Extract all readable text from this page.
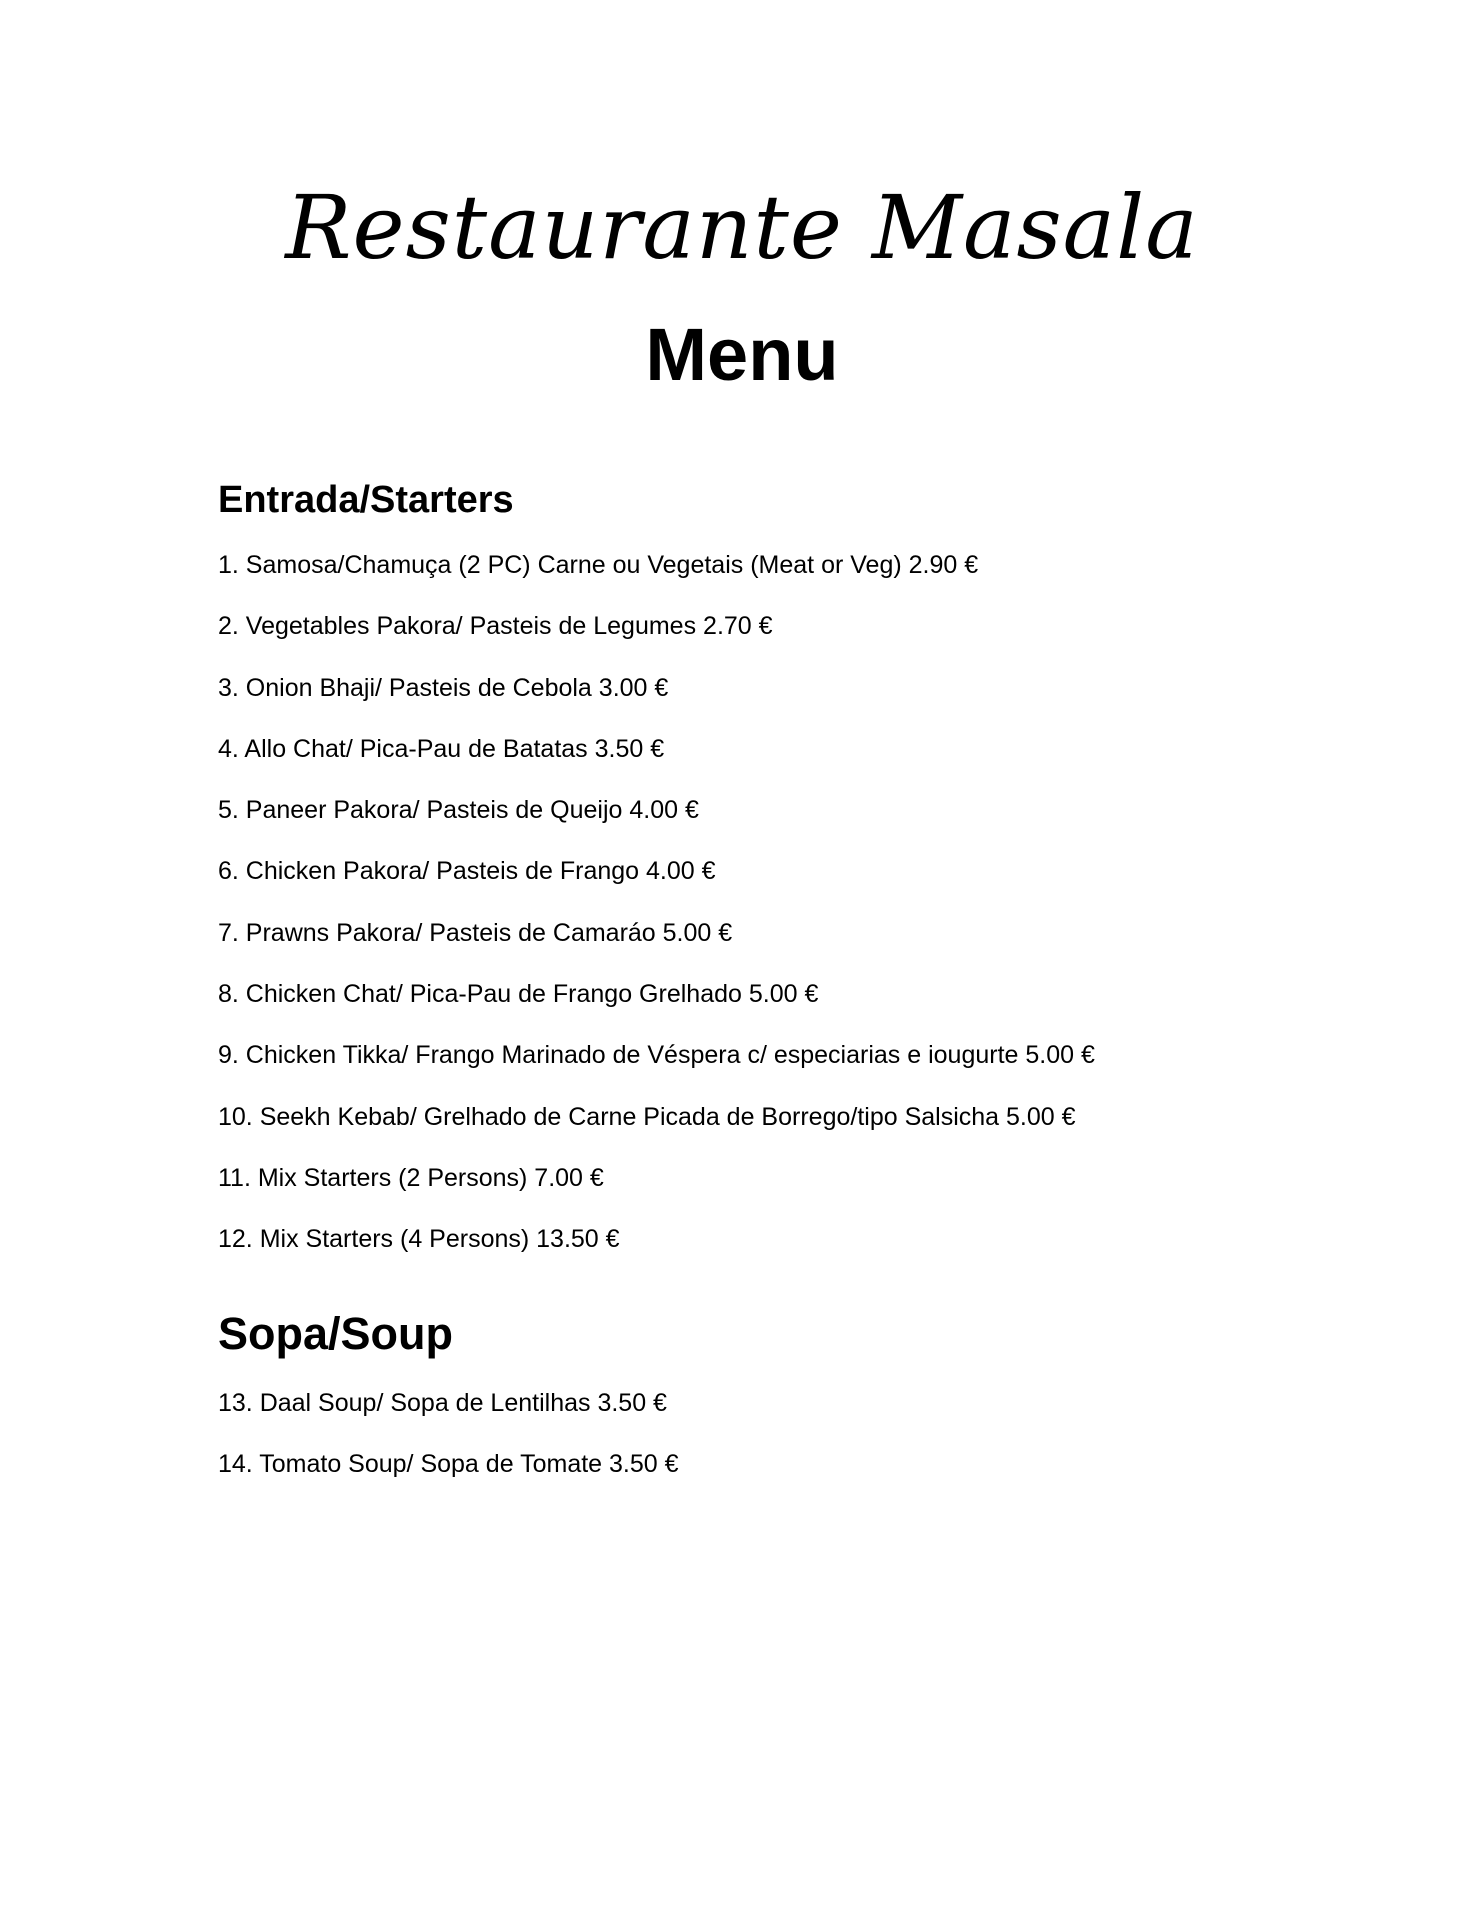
Restaurante Masala
Menu
Entrada/Starters
1. Samosa/Chamuça (2 PC) Carne ou Vegetais (Meat or Veg) 2.90 €
2. Vegetables Pakora/ Pasteis de Legumes 2.70 €
3. Onion Bhaji/ Pasteis de Cebola 3.00 €
4. Allo Chat/ Pica-Pau de Batatas 3.50 €
5. Paneer Pakora/ Pasteis de Queijo 4.00 €
6. Chicken Pakora/ Pasteis de Frango 4.00 €
7. Prawns Pakora/ Pasteis de Camaráo 5.00 €
8. Chicken Chat/ Pica-Pau de Frango Grelhado 5.00 €
9. Chicken Tikka/ Frango Marinado de Véspera c/ especiarias e iougurte 5.00 €
10. Seekh Kebab/ Grelhado de Carne Picada de Borrego/tipo Salsicha 5.00 €
11. Mix Starters (2 Persons) 7.00 €
12. Mix Starters (4 Persons) 13.50 €
Sopa/Soup
13. Daal Soup/ Sopa de Lentilhas 3.50 €
14. Tomato Soup/ Sopa de Tomate 3.50 €
